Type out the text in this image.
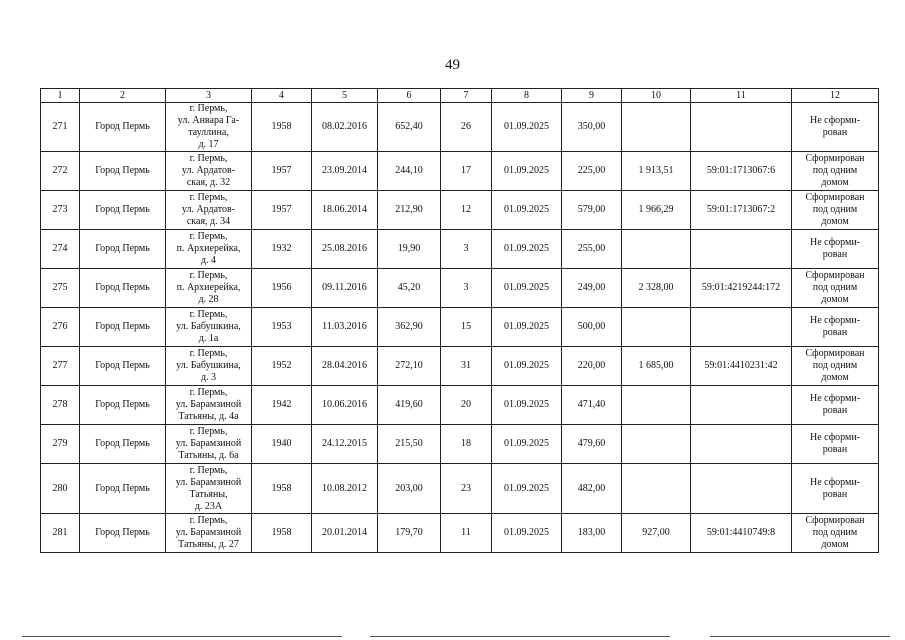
49
1	2	3	4	5	6	7	8	9	10	11	12
271	Город Пермь	г. Пермь,
ул. Анвара Га-
тауллина,
д. 17	1958	08.02.2016	652,40	26	01.09.2025	350,00			Не сформи-
рован

272	Город Пермь	г. Пермь,
ул. Ардатов-
ская, д. 32	1957	23.09.2014	244,10	17	01.09.2025	225,00	1 913,51	59:01:1713067:6	Сформирован
под одним
домом

273	Город Пермь	г. Пермь,
ул. Ардатов-
ская, д. 34	1957	18.06.2014	212,90	12	01.09.2025	579,00	1 966,29	59:01:1713067:2	Сформирован
под одним
домом

274	Город Пермь	г. Пермь,
п. Архиерейка,
д. 4	1932	25.08.2016	19,90	3	01.09.2025	255,00			Не сформи-
рован

275	Город Пермь	г. Пермь,
п. Архиерейка,
д. 28	1956	09.11.2016	45,20	3	01.09.2025	249,00	2 328,00	59:01:4219244:172	Сформирован
под одним
домом

276	Город Пермь	г. Пермь,
ул. Бабушкина,
д. 1а	1953	11.03.2016	362,90	15	01.09.2025	500,00			Не сформи-
рован

277	Город Пермь	г. Пермь,
ул. Бабушкина,
д. 3	1952	28.04.2016	272,10	31	01.09.2025	220,00	1 685,00	59:01:4410231:42	Сформирован
под одним
домом

278	Город Пермь	г. Пермь,
ул. Барамзиной
Татьяны, д. 4а	1942	10.06.2016	419,60	20	01.09.2025	471,40			Не сформи-
рован

279	Город Пермь	г. Пермь,
ул. Барамзиной
Татьяны, д. 6а	1940	24.12.2015	215,50	18	01.09.2025	479,60			Не сформи-
рован

280	Город Пермь	г. Пермь,
ул. Барамзиной
Татьяны,
д. 23А	1958	10.08.2012	203,00	23	01.09.2025	482,00			Не сформи-
рован

281	Город Пермь	г. Пермь,
ул. Барамзиной
Татьяны, д. 27	1958	20.01.2014	179,70	11	01.09.2025	183,00	927,00	59:01:4410749:8	Сформирован
под одним
домом
